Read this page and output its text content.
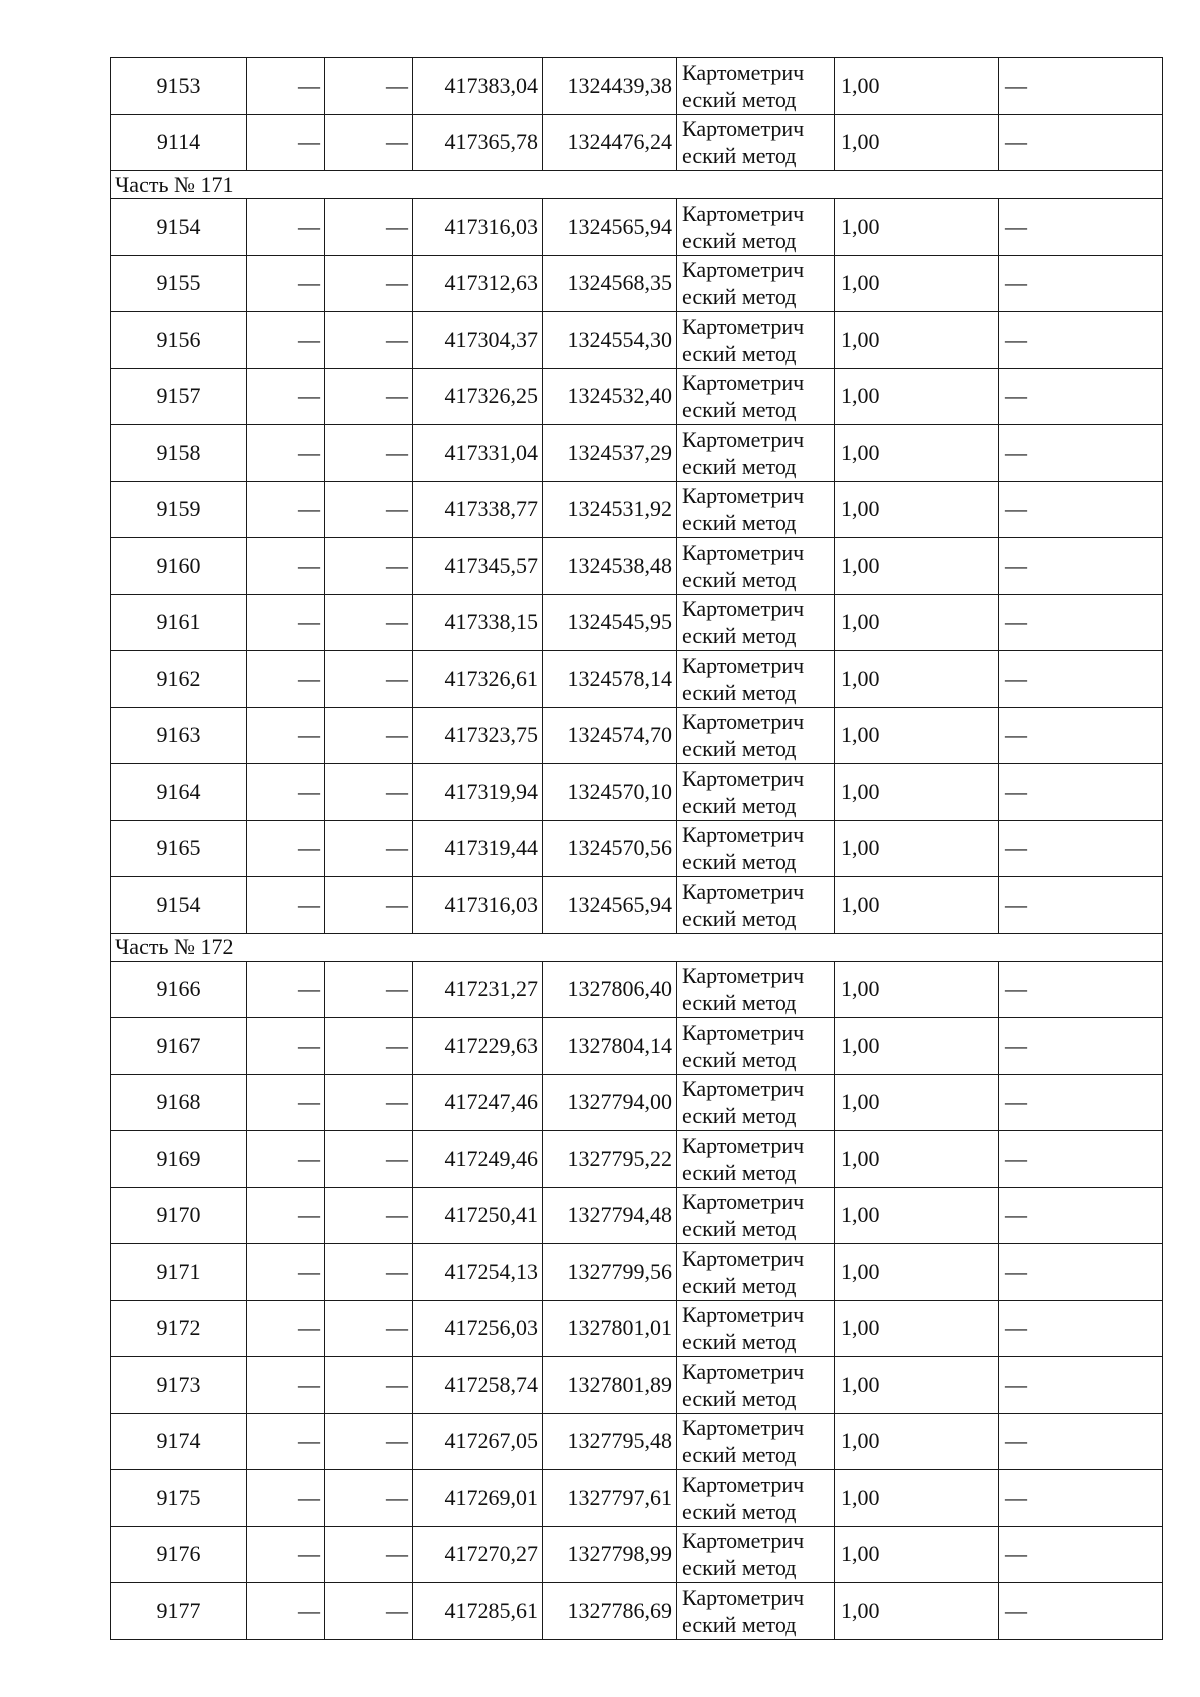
9153	—	—	417383,04	1324439,38	Картометрич
еский метод	1,00	—
9114	—	—	417365,78	1324476,24	Картометрич
еский метод	1,00	—
Часть № 171							
9154	—	—	417316,03	1324565,94	Картометрич
еский метод	1,00	—
9155	—	—	417312,63	1324568,35	Картометрич
еский метод	1,00	—
9156	—	—	417304,37	1324554,30	Картометрич
еский метод	1,00	—
9157	—	—	417326,25	1324532,40	Картометрич
еский метод	1,00	—
9158	—	—	417331,04	1324537,29	Картометрич
еский метод	1,00	—
9159	—	—	417338,77	1324531,92	Картометрич
еский метод	1,00	—
9160	—	—	417345,57	1324538,48	Картометрич
еский метод	1,00	—
9161	—	—	417338,15	1324545,95	Картометрич
еский метод	1,00	—
9162	—	—	417326,61	1324578,14	Картометрич
еский метод	1,00	—
9163	—	—	417323,75	1324574,70	Картометрич
еский метод	1,00	—
9164	—	—	417319,94	1324570,10	Картометрич
еский метод	1,00	—
9165	—	—	417319,44	1324570,56	Картометрич
еский метод	1,00	—
9154	—	—	417316,03	1324565,94	Картометрич
еский метод	1,00	—
Часть № 172							
9166	—	—	417231,27	1327806,40	Картометрич
еский метод	1,00	—
9167	—	—	417229,63	1327804,14	Картометрич
еский метод	1,00	—
9168	—	—	417247,46	1327794,00	Картометрич
еский метод	1,00	—
9169	—	—	417249,46	1327795,22	Картометрич
еский метод	1,00	—
9170	—	—	417250,41	1327794,48	Картометрич
еский метод	1,00	—
9171	—	—	417254,13	1327799,56	Картометрич
еский метод	1,00	—
9172	—	—	417256,03	1327801,01	Картометрич
еский метод	1,00	—
9173	—	—	417258,74	1327801,89	Картометрич
еский метод	1,00	—
9174	—	—	417267,05	1327795,48	Картометрич
еский метод	1,00	—
9175	—	—	417269,01	1327797,61	Картометрич
еский метод	1,00	—
9176	—	—	417270,27	1327798,99	Картометрич
еский метод	1,00	—
9177	—	—	417285,61	1327786,69	Картометрич
еский метод	1,00	—
